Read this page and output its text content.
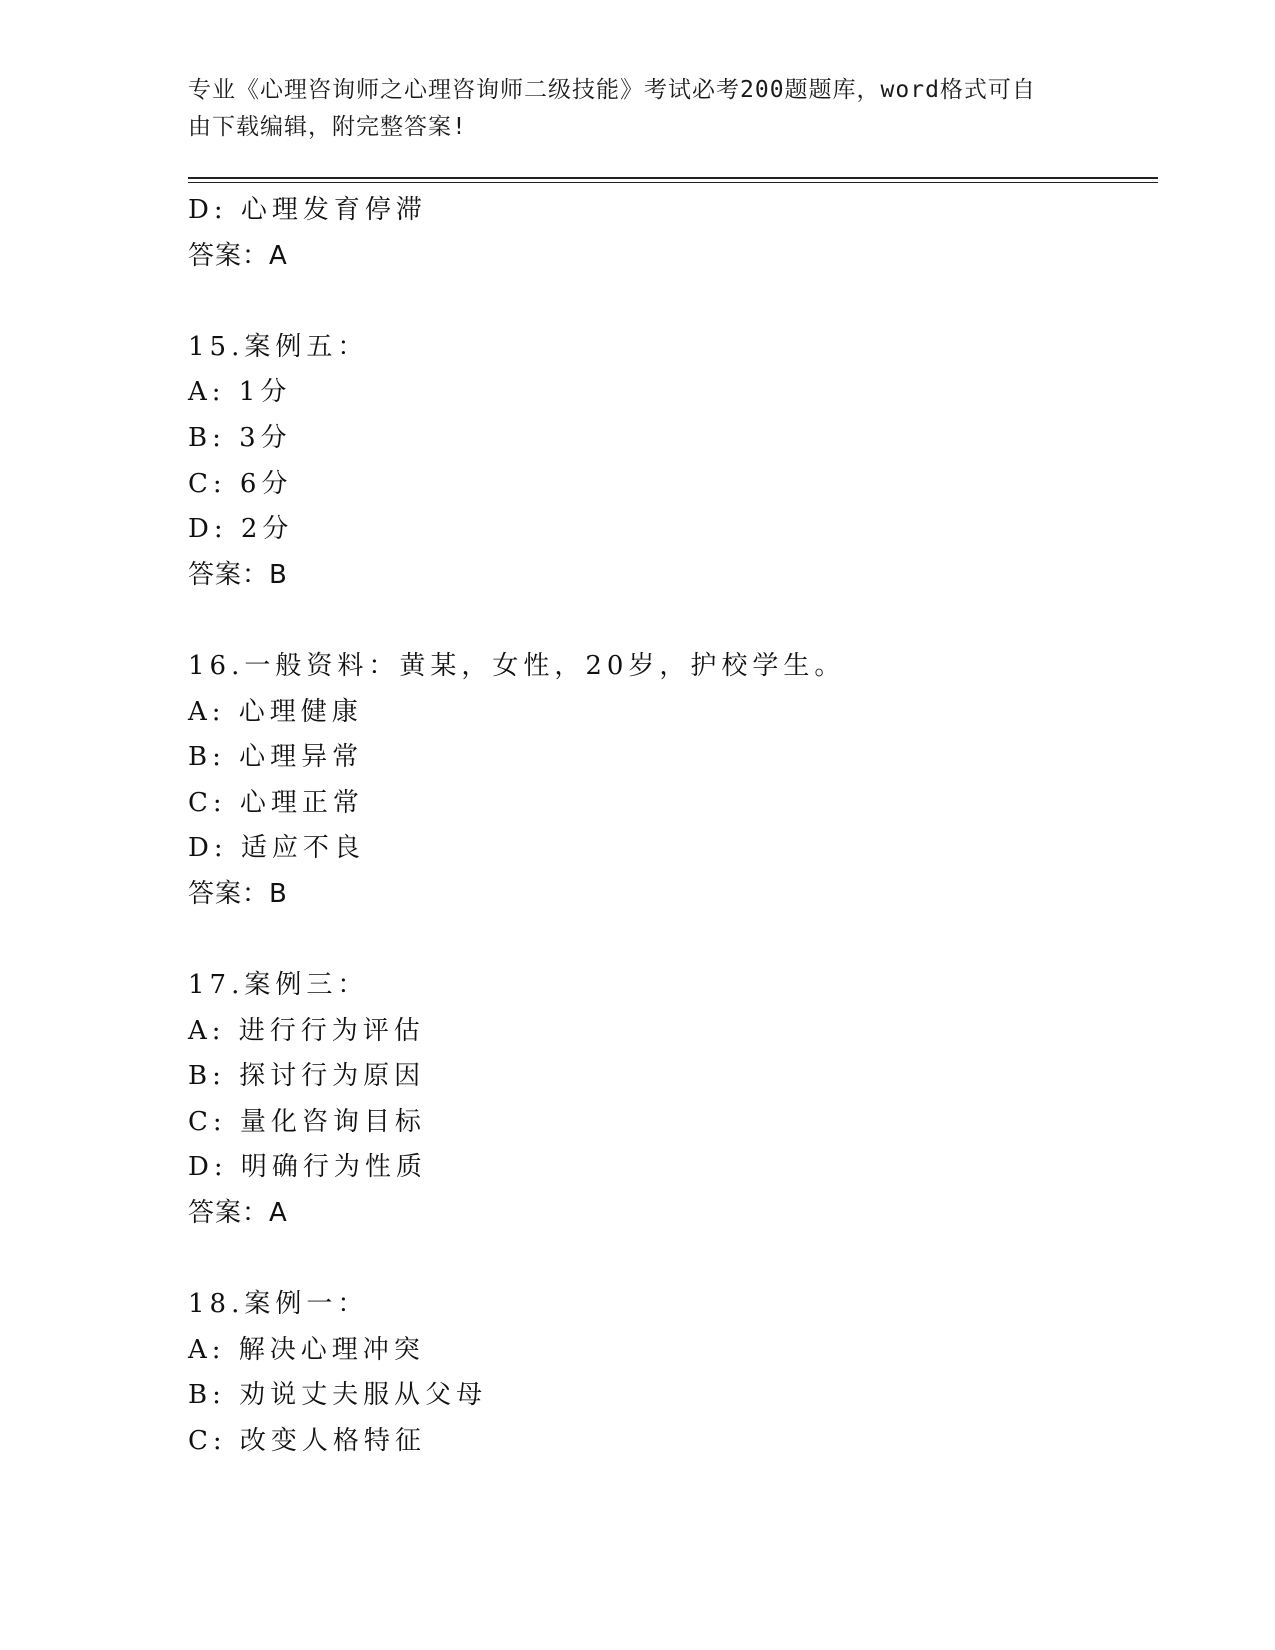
专业《心理咨询师之心理咨询师二级技能》考试必考200题题库，word格式可自
由下载编辑，附完整答案!
D: 心理发育停滞
答案：A
15.案例五：
A: 1分
B: 3分
C: 6分
D: 2分
答案：B
16.一般资料：黄某，女性，20岁，护校学生。
A: 心理健康
B: 心理异常
C: 心理正常
D: 适应不良
答案：B
17.案例三：
A: 进行行为评估
B: 探讨行为原因
C: 量化咨询目标
D: 明确行为性质
答案：A
18.案例一：
A: 解决心理冲突
B: 劝说丈夫服从父母
C: 改变人格特征
